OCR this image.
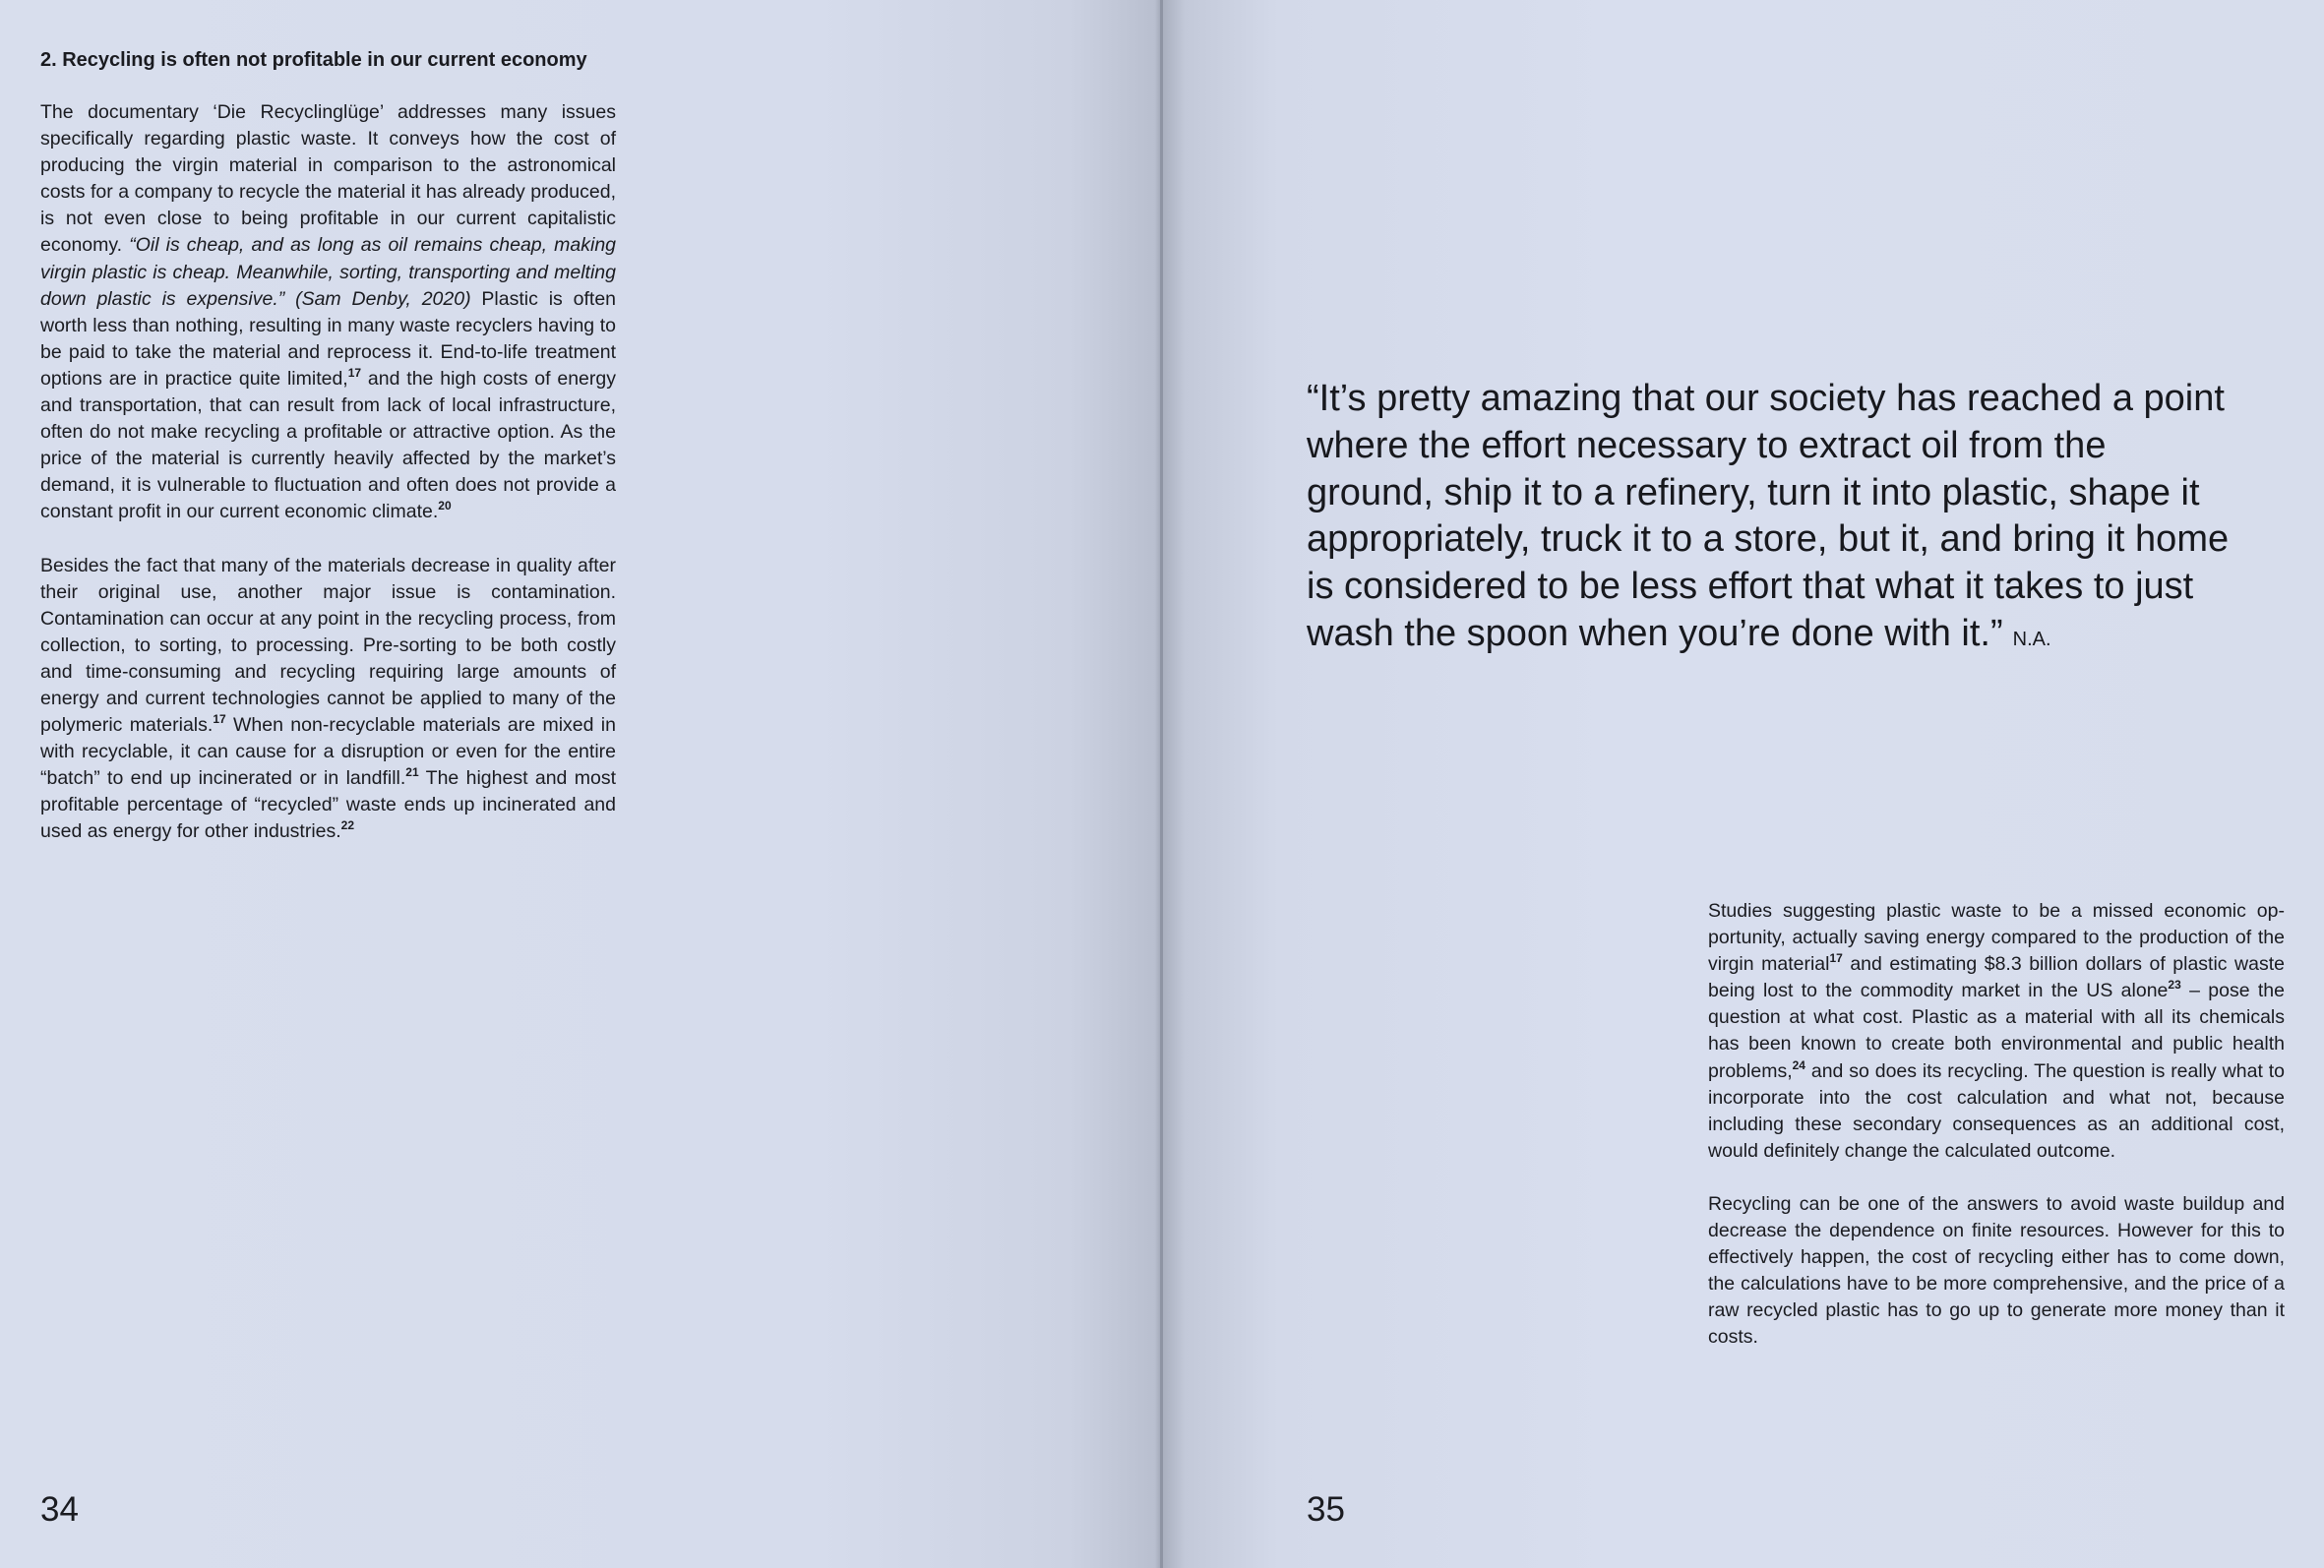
2. Recycling is often not profitable in our current economy

The documentary ‘Die Recyclinglüge’ addresses many issues specifically regarding plastic waste. It conveys how the cost of producing the virgin material in comparison to the astronomical costs for a company to recycle the material it has already produced, is not even close to being profitable in our current capitalistic economy. “Oil is cheap, and as long as oil remains cheap, making virgin plastic is cheap. Meanwhile, sorting, transporting and melting down plastic is expensive.” (Sam Denby, 2020) Plastic is often worth less than nothing, resulting in many waste recyclers having to be paid to take the material and reprocess it. End-to-life treatment options are in practice quite limited,$^{17}$ and the high costs of energy and transportation, that can result from lack of local infrastructure, often do not make recycling a profitable or attractive option. As the price of the material is currently heavily affected by the market’s demand, it is vulnerable to fluctuation and often does not provide a constant profit in our current economic climate.$^{20}$

Besides the fact that many of the materials decrease in quality after their original use, another major issue is contamination. Contamination can occur at any point in the recycling process, from collection, to sorting, to processing. Pre-sorting to be both costly and time-consuming and recycling requiring large amounts of energy and current technologies cannot be applied to many of the polymeric materials.$^{17}$ When non-recyclable materials are mixed in with recyclable, it can cause for a disruption or even for the entire “batch” to end up incinerated or in landfill.$^{21}$ The highest and most profitable percentage of “recycled” waste ends up incinerated and used as energy for other industries.$^{22}$

34

“It’s pretty amazing that our society has reached a point where the effort necessary to extract oil from the ground, ship it to a refinery, turn it into plastic, shape it appropriately, truck it to a store, but it, and bring it home is considered to be less effort that what it takes to just wash the spoon when you’re done with it.” N.A.

Studies suggesting plastic waste to be a missed economic opportunity, actually saving energy compared to the production of the virgin material$^{17}$ and estimating $8.3 billion dollars of plastic waste being lost to the commodity market in the US alone$^{23}$ – pose the question at what cost. Plastic as a material with all its chemicals has been known to create both environmental and public health problems,$^{24}$ and so does its recycling. The question is really what to incorporate into the cost calculation and what not, because including these secondary consequences as an additional cost, would definitely change the calculated outcome.

Recycling can be one of the answers to avoid waste buildup and decrease the dependence on finite resources. However for this to effectively happen, the cost of recycling either has to come down, the calculations have to be more comprehensive, and the price of a raw recycled plastic has to go up to generate more money than it costs.

35
